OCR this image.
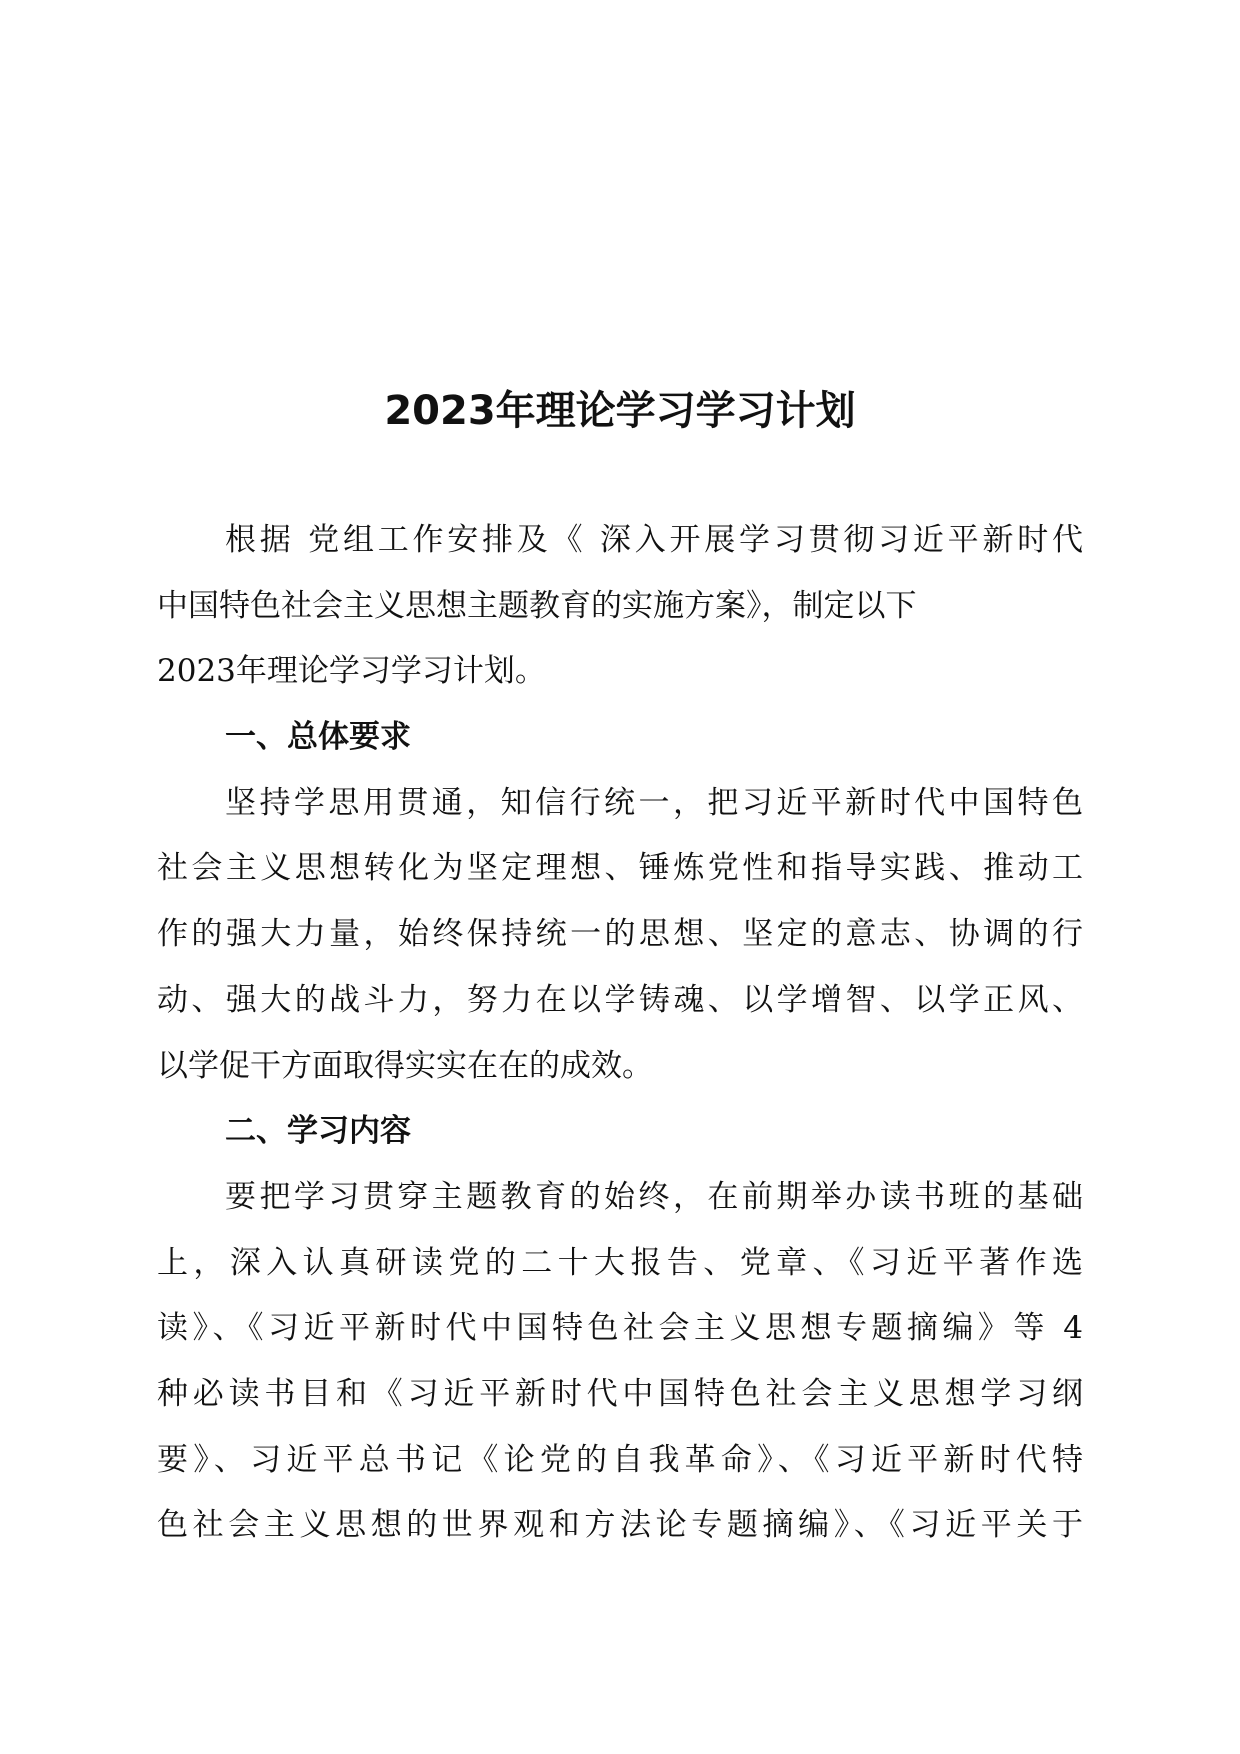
2023年理论学习学习计划
根据 党组工作安排及《 深入开展学习贯彻习近平新时代
中国特色社会主义思想主题教育的实施方案》，制定以下
2023年理论学习学习计划。
一、总体要求
坚持学思用贯通，知信行统一，把习近平新时代中国特色
社会主义思想转化为坚定理想、锤炼党性和指导实践、推动工
作的强大力量，始终保持统一的思想、坚定的意志、协调的行
动、强大的战斗力，努力在以学铸魂、以学增智、以学正风、
以学促干方面取得实实在在的成效。
二、学习内容
要把学习贯穿主题教育的始终，在前期举办读书班的基础
上，深入认真研读党的二十大报告、党章、《习近平著作选
读》、《习近平新时代中国特色社会主义思想专题摘编》等 4
种必读书目和《习近平新时代中国特色社会主义思想学习纲
要》、习近平总书记《论党的自我革命》、《习近平新时代特
色社会主义思想的世界观和方法论专题摘编》、《习近平关于
